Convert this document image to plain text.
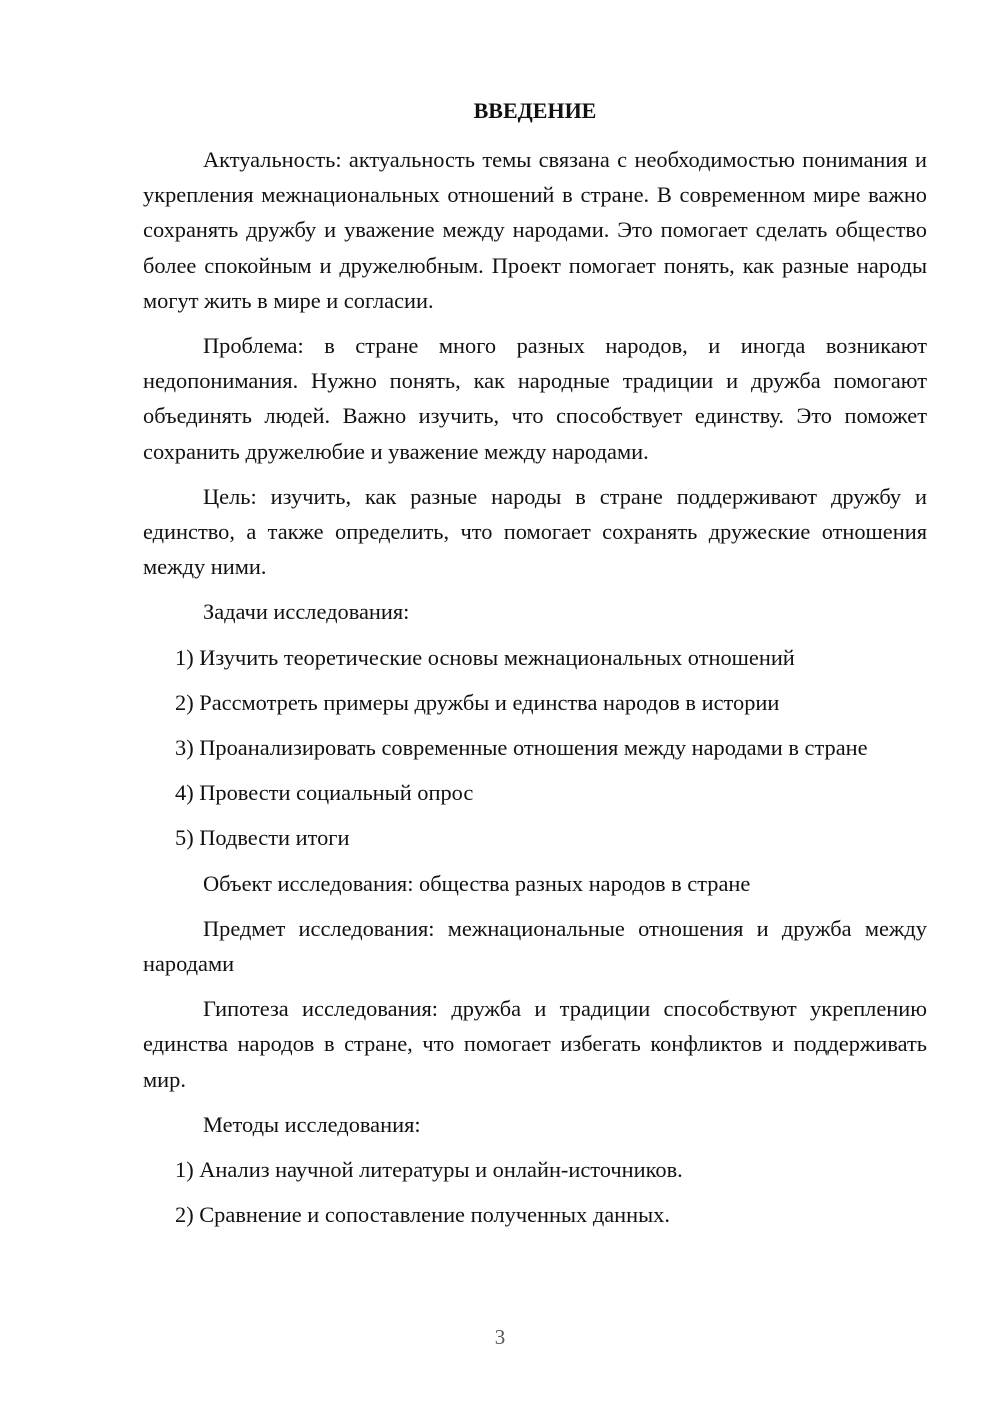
ВВЕДЕНИЕ

Актуальность: актуальность темы связана с необходимостью понимания и укрепления межнациональных отношений в стране. В современном мире важно сохранять дружбу и уважение между народами. Это помогает сделать общество более спокойным и дружелюбным. Проект помогает понять, как разные народы могут жить в мире и согласии.

Проблема: в стране много разных народов, и иногда возникают недопонимания. Нужно понять, как народные традиции и дружба помогают объединять людей. Важно изучить, что способствует единству. Это поможет сохранить дружелюбие и уважение между народами.

Цель: изучить, как разные народы в стране поддерживают дружбу и единство, а также определить, что помогает сохранять дружеские отношения между ними.

Задачи исследования:

1) Изучить теоретические основы межнациональных отношений

2) Рассмотреть примеры дружбы и единства народов в истории

3) Проанализировать современные отношения между народами в стране

4) Провести социальный опрос

5) Подвести итоги

Объект исследования: общества разных народов в стране

Предмет исследования: межнациональные отношения и дружба между народами

Гипотеза исследования: дружба и традиции способствуют укреплению единства народов в стране, что помогает избегать конфликтов и поддерживать мир.

Методы исследования:

1) Анализ научной литературы и онлайн-источников.

2) Сравнение и сопоставление полученных данных.

3
